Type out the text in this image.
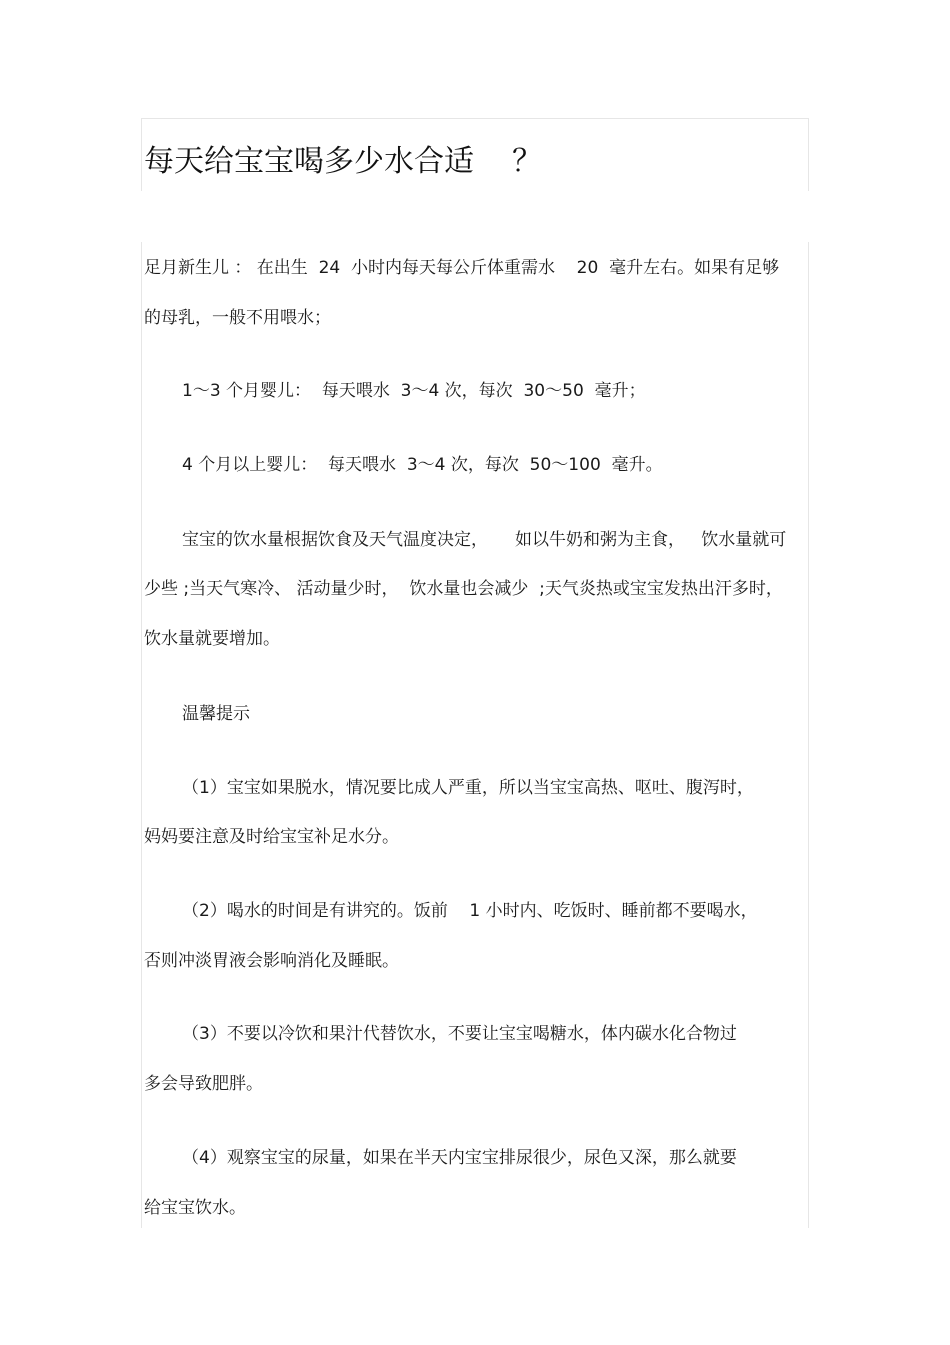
每天给宝宝喝多少水合适    ？
足月新生儿 ： 在出生  24  小时内每天每公斤体重需水    20  毫升左右。如果有足够
的母乳，一般不用喂水；
1～3 个月婴儿：  每天喂水  3～4 次，每次  30～50  毫升；
4 个月以上婴儿：  每天喂水  3～4 次，每次  50～100  毫升。
宝宝的饮水量根据饮食及天气温度决定，     如以牛奶和粥为主食，   饮水量就可
少些 ;当天气寒冷、 活动量少时，  饮水量也会减少  ;天气炎热或宝宝发热出汗多时，
饮水量就要增加。
温馨提示
（1）宝宝如果脱水，情况要比成人严重，所以当宝宝高热、呕吐、腹泻时，
妈妈要注意及时给宝宝补足水分。
（2）喝水的时间是有讲究的。饭前    1 小时内、吃饭时、睡前都不要喝水，
否则冲淡胃液会影响消化及睡眠。
（3）不要以冷饮和果汁代替饮水，不要让宝宝喝糖水，体内碳水化合物过
多会导致肥胖。
（4）观察宝宝的尿量，如果在半天内宝宝排尿很少，尿色又深，那么就要
给宝宝饮水。
